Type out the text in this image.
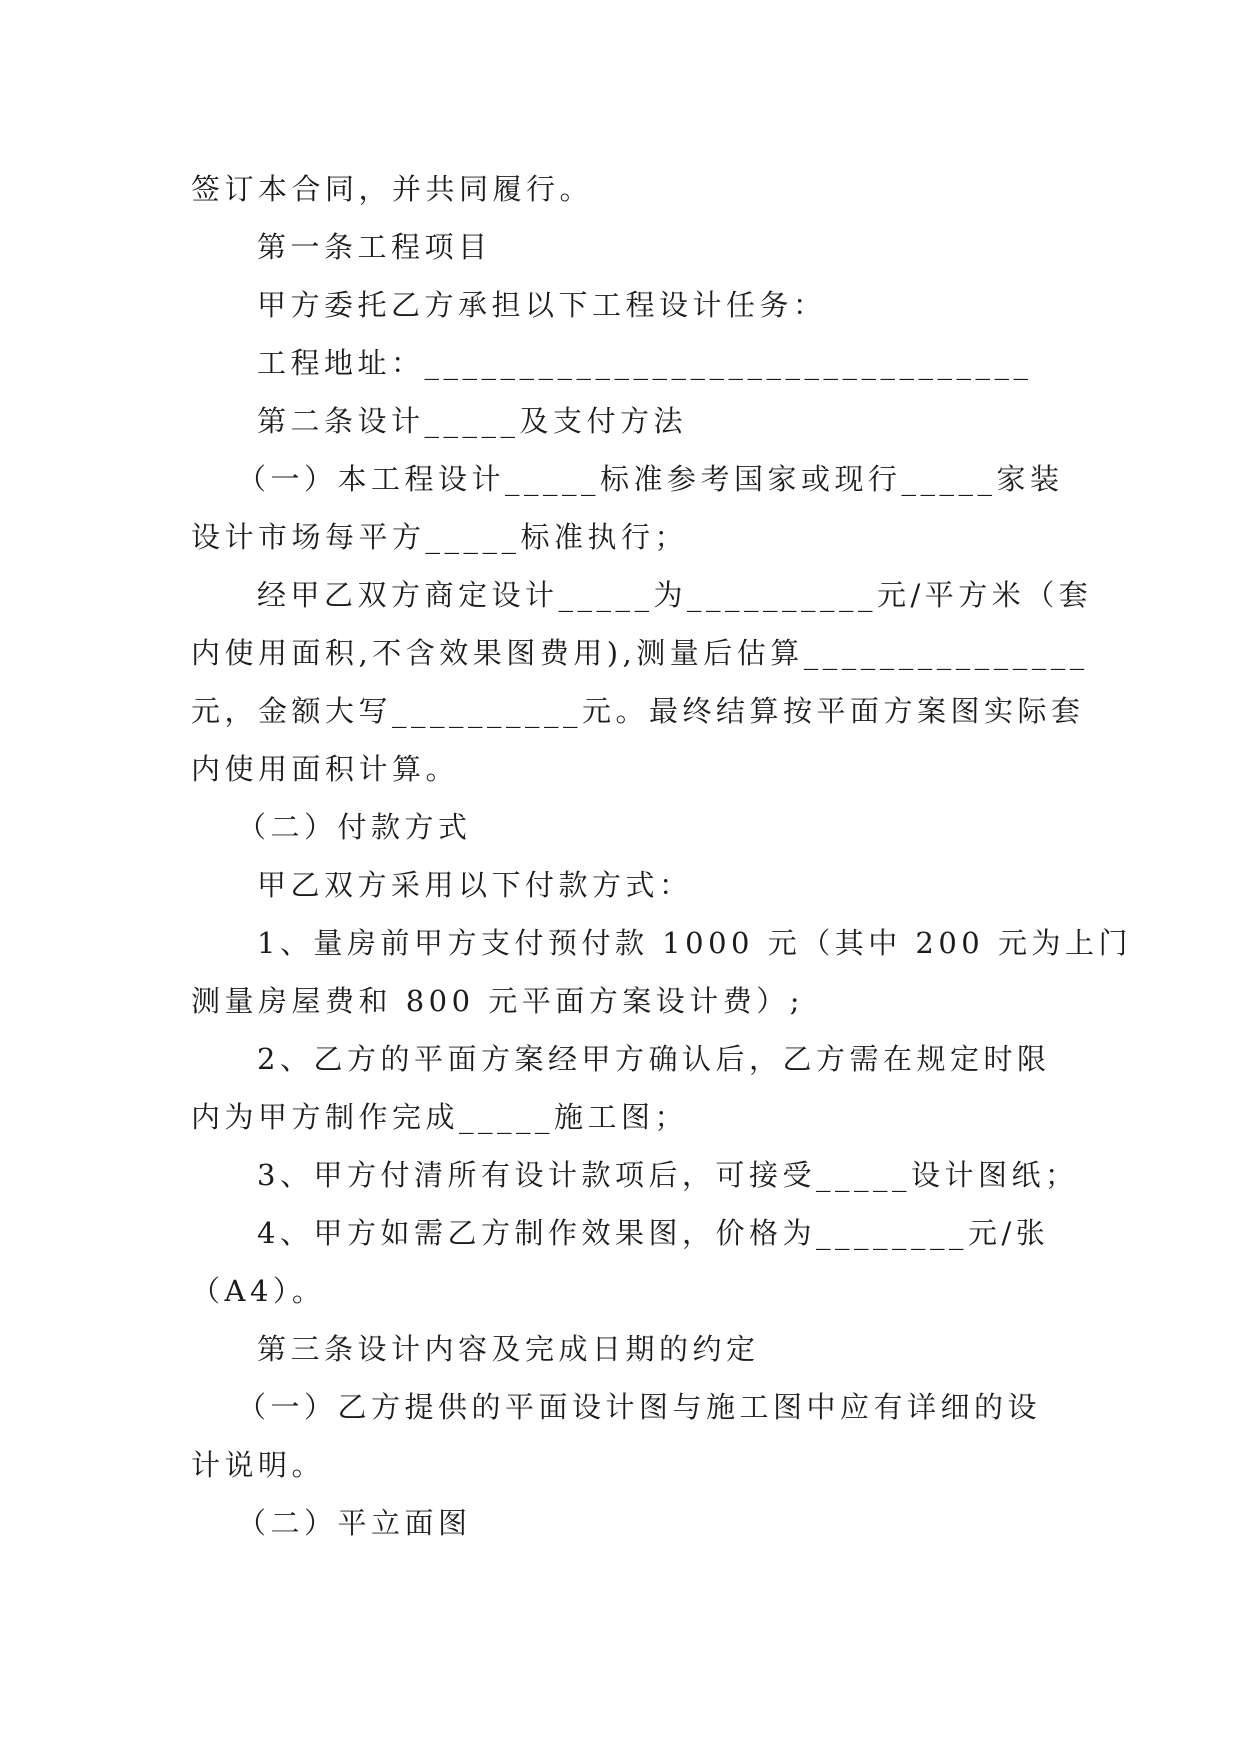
签订本合同，并共同履行。

第一条工程项目

甲方委托乙方承担以下工程设计任务：

工程地址：________________________________

第二条设计_____及支付方法

（一）本工程设计_____标准参考国家或现行_____家装

设计市场每平方_____标准执行；

经甲乙双方商定设计_____为__________元/平方米（套

内使用面积,不含效果图费用),测量后估算_______________

元，金额大写__________元。最终结算按平面方案图实际套

内使用面积计算。

（二）付款方式

甲乙双方采用以下付款方式：

1、量房前甲方支付预付款 1000 元（其中 200 元为上门

测量房屋费和 800 元平面方案设计费）;

2、乙方的平面方案经甲方确认后，乙方需在规定时限

内为甲方制作完成_____施工图；

3、甲方付清所有设计款项后，可接受_____设计图纸；

4、甲方如需乙方制作效果图，价格为________元/张

（A4）。

第三条设计内容及完成日期的约定

（一）乙方提供的平面设计图与施工图中应有详细的设

计说明。

（二）平立面图
